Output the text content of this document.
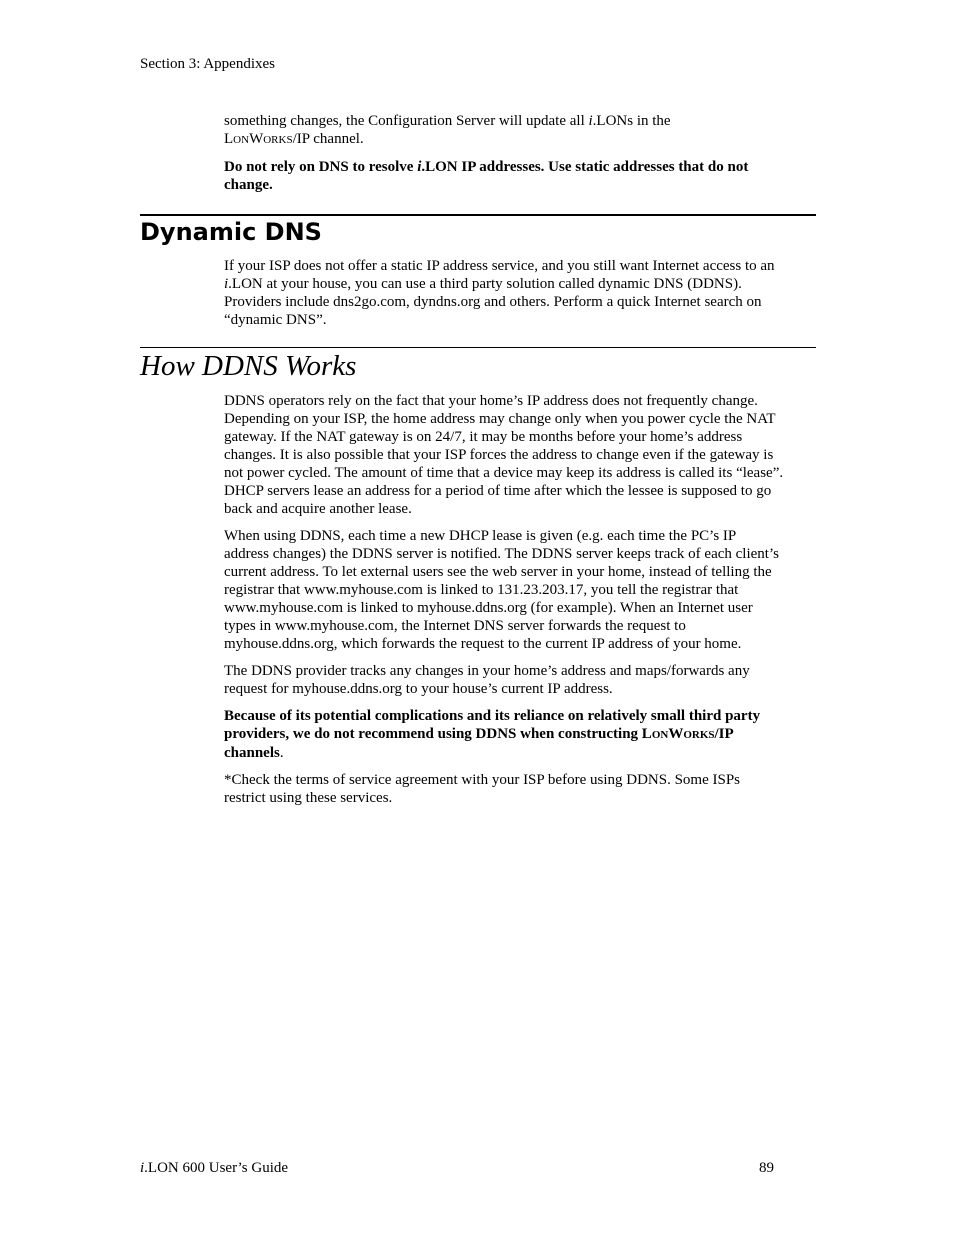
Section 3: Appendixes

something changes, the Configuration Server will update all i.LONs in the
LONWORKS/IP channel.

Do not rely on DNS to resolve i.LON IP addresses. Use static addresses that do not change.

Dynamic DNS

If your ISP does not offer a static IP address service, and you still want Internet access to an i.LON at your house, you can use a third party solution called dynamic DNS (DDNS). Providers include dns2go.com, dyndns.org and others. Perform a quick Internet search on “dynamic DNS”.

How DDNS Works

DDNS operators rely on the fact that your home’s IP address does not frequently change. Depending on your ISP, the home address may change only when you power cycle the NAT gateway. If the NAT gateway is on 24/7, it may be months before your home’s address changes. It is also possible that your ISP forces the address to change even if the gateway is not power cycled. The amount of time that a device may keep its address is called its “lease”. DHCP servers lease an address for a period of time after which the lessee is supposed to go back and acquire another lease.

When using DDNS, each time a new DHCP lease is given (e.g. each time the PC’s IP address changes) the DDNS server is notified. The DDNS server keeps track of each client’s current address. To let external users see the web server in your home, instead of telling the registrar that www.myhouse.com is linked to 131.23.203.17, you tell the registrar that www.myhouse.com is linked to myhouse.ddns.org (for example). When an Internet user types in www.myhouse.com, the Internet DNS server forwards the request to myhouse.ddns.org, which forwards the request to the current IP address of your home.

The DDNS provider tracks any changes in your home’s address and maps/forwards any request for myhouse.ddns.org to your house’s current IP address.

Because of its potential complications and its reliance on relatively small third party providers, we do not recommend using DDNS when constructing LONWORKS/IP channels.

*Check the terms of service agreement with your ISP before using DDNS. Some ISPs restrict using these services.

i.LON 600 User’s Guide	89
